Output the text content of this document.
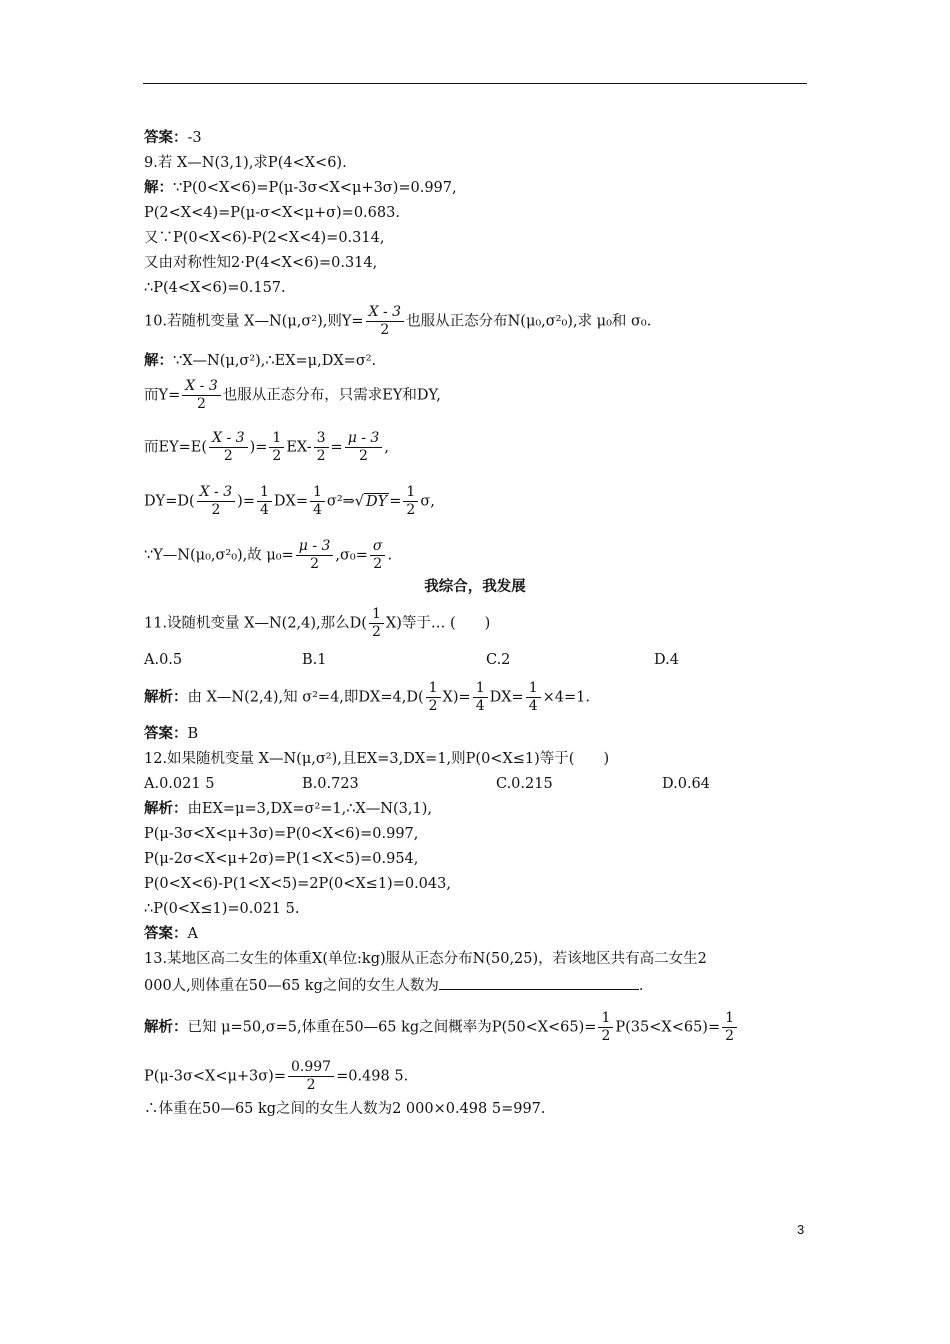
答案：-3
9.若 X—N(3,1),求P(4<X<6).
解：∵P(0<X<6)=P(μ-3σ<X<μ+3σ)=0.997,
P(2<X<4)=P(μ-σ<X<μ+σ)=0.683.
又∵P(0<X<6)-P(2<X<4)=0.314,
又由对称性知2·P(4<X<6)=0.314,
∴P(4<X<6)=0.157.
10.若随机变量 X—N(μ,σ²),则$Y= \frac{X - 3}{2}$ 也服从正态分布N(μ₀,σ²₀),求 μ₀和 σ₀.
解：∵X—N(μ,σ²),∴EX=μ,DX=σ².
而$Y= \frac{X - 3}{2}$ 也服从正态分布，只需求EY和DY,
而$EY=E( \frac{X - 3}{2}$ )= $\frac{1}{2} EX- \frac{3}{2} = \frac{\mu - 3}{2}$ ,
$DY=D( \frac{X - 3}{2}$ )= $\frac{1}{4} DX= \frac{1}{4}$ σ²⇒√ DY = $\frac{1}{2} \sigma$,
∵Y—N(μ₀,σ²₀),故 $\mu_0= \frac{\mu - 3}{2} ,\sigma_0= \frac{\sigma}{2}$ .
我综合，我发展
11.设随机变量 X—N(2,4),那么$D( \frac{1}{2} X)$等于… (　　)
A.0.5	B.1	C.2	D.4
解析：由 X—N(2,4),知 σ²=4,即$DX=4,D( \frac{1}{2} X)= \frac{1}{4} DX= \frac{1}{4} \times 4=1$.
答案：B
12.如果随机变量 X—N(μ,σ²),且EX=3,DX=1,则P(0<X≤1)等于(　　)
A.0.021 5	B.0.723	C.0.215	D.0.64
解析：由EX=μ=3,DX=σ²=1,∴X—N(3,1),
P(μ-3σ<X<μ+3σ)=P(0<X<6)=0.997,
P(μ-2σ<X<μ+2σ)=P(1<X<5)=0.954,
P(0<X<6)-P(1<X<5)=2P(0<X≤1)=0.043,
∴P(0<X≤1)=0.021 5.
答案：A
13.某地区高二女生的体重X(单位:kg)服从正态分布N(50,25)，若该地区共有高二女生2
000人,则体重在50—65 kg之间的女生人数为	.
解析：已知 μ=50,σ=5,体重在50—65 kg之间概率为$P(50<X<65)= \frac{1}{2} P(35<X<65)= \frac{1}{2}$
$P(\mu-3\sigma<X<\mu+3\sigma)= \frac{0.997}{2} =0.498$ 5.
∴体重在50—65 kg之间的女生人数为2 000×0.498 5=997.
3
